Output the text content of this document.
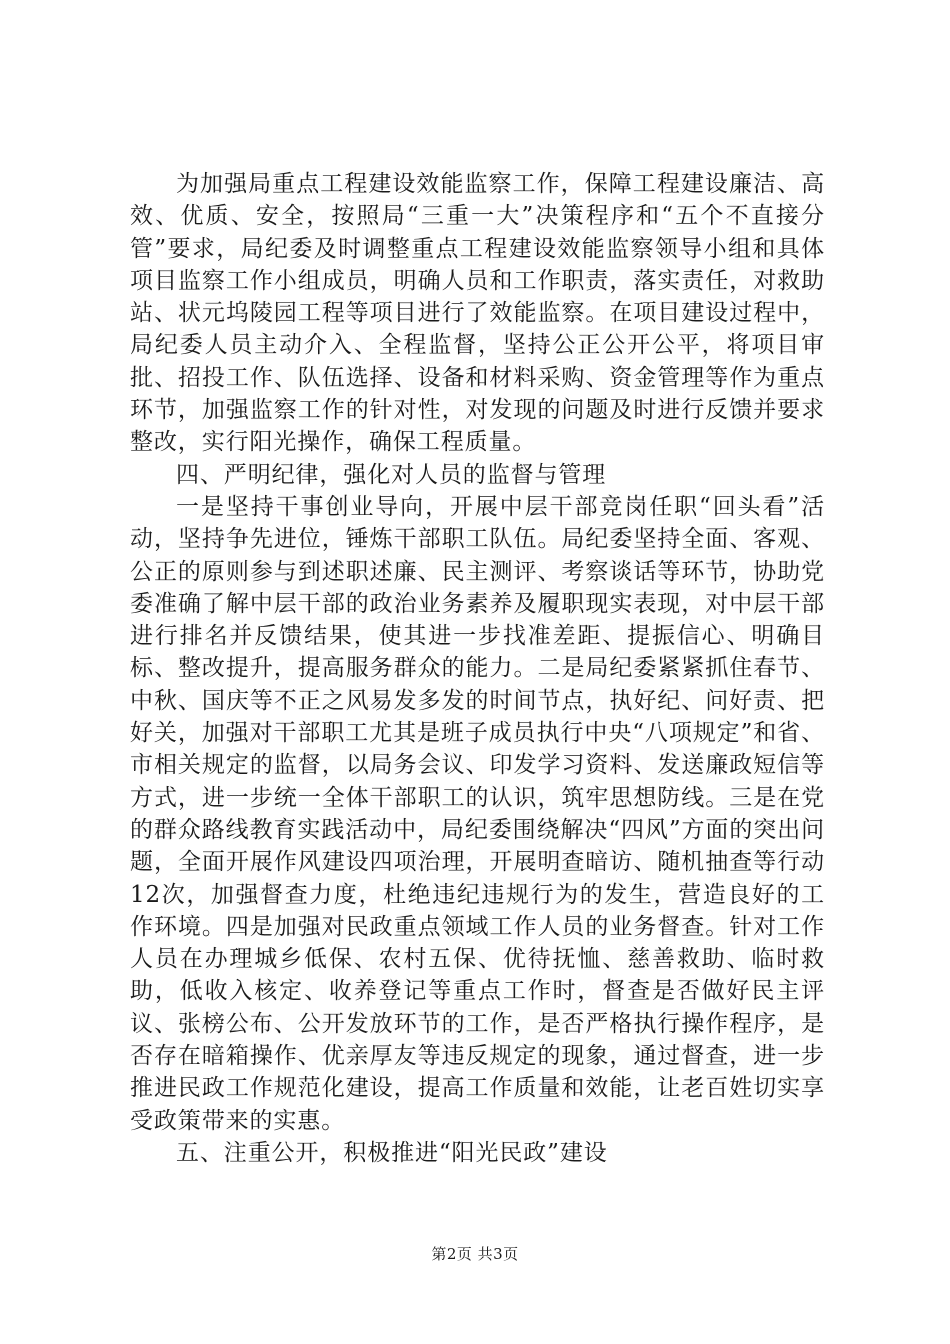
为加强局重点工程建设效能监察工作，保障工程建设廉洁、高效、优质、安全，按照局“三重一大”决策程序和“五个不直接分管”要求，局纪委及时调整重点工程建设效能监察领导小组和具体项目监察工作小组成员，明确人员和工作职责，落实责任，对救助站、状元坞陵园工程等项目进行了效能监察。在项目建设过程中，局纪委人员主动介入、全程监督，坚持公正公开公平，将项目审批、招投工作、队伍选择、设备和材料采购、资金管理等作为重点环节，加强监察工作的针对性，对发现的问题及时进行反馈并要求整改，实行阳光操作，确保工程质量。

四、严明纪律，强化对人员的监督与管理

一是坚持干事创业导向，开展中层干部竞岗任职“回头看”活动，坚持争先进位，锤炼干部职工队伍。局纪委坚持全面、客观、公正的原则参与到述职述廉、民主测评、考察谈话等环节，协助党委准确了解中层干部的政治业务素养及履职现实表现，对中层干部进行排名并反馈结果，使其进一步找准差距、提振信心、明确目标、整改提升，提高服务群众的能力。二是局纪委紧紧抓住春节、中秋、国庆等不正之风易发多发的时间节点，执好纪、问好责、把好关，加强对干部职工尤其是班子成员执行中央“八项规定”和省、市相关规定的监督，以局务会议、印发学习资料、发送廉政短信等方式，进一步统一全体干部职工的认识，筑牢思想防线。三是在党的群众路线教育实践活动中，局纪委围绕解决“四风”方面的突出问题，全面开展作风建设四项治理，开展明查暗访、随机抽查等行动12次，加强督查力度，杜绝违纪违规行为的发生，营造良好的工作环境。四是加强对民政重点领域工作人员的业务督查。针对工作人员在办理城乡低保、农村五保、优待抚恤、慈善救助、临时救助，低收入核定、收养登记等重点工作时，督查是否做好民主评议、张榜公布、公开发放环节的工作，是否严格执行操作程序，是否存在暗箱操作、优亲厚友等违反规定的现象，通过督查，进一步推进民政工作规范化建设，提高工作质量和效能，让老百姓切实享受政策带来的实惠。

五、注重公开，积极推进“阳光民政”建设

第2页 共3页
